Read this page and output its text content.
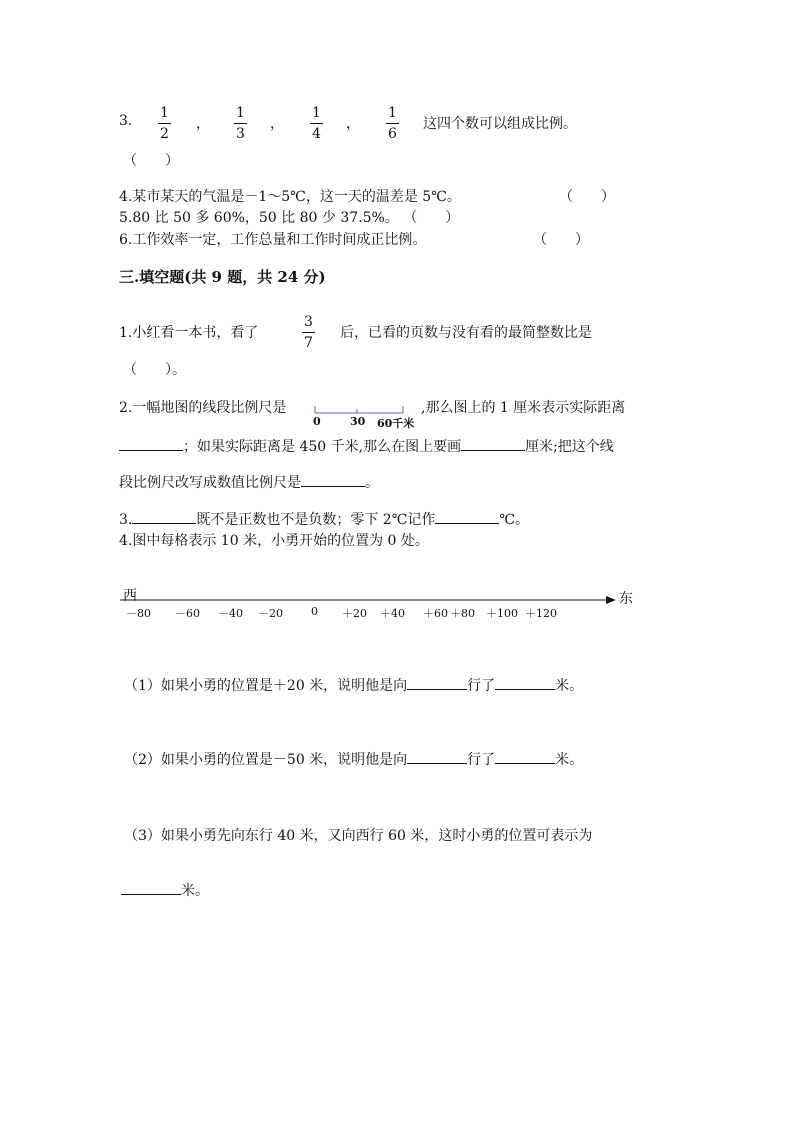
3. 1
2
，
1
3
，
1
4
，
1
6
这四个数可以组成比例。
（　　）
4.某市某天的气温是－1～5℃，这一天的温差是 5℃。	（　　）
5.80 比 50 多 60%，50 比 80 少 37.5%。 （　　）
6.工作效率一定，工作总量和工作时间成正比例。	（　　）
三.填空题(共 9 题，共 24 分)
1.小红看一本书，看了
3
7
后，已看的页数与没有看的最简整数比是
（　　）。
2.一幅地图的线段比例尺是
0	30 60千米
,那么图上的 1 厘米表示实际距离
；如果实际距离是 450 千米,那么在图上要画	厘米;把这个线
段比例尺改写成数值比例尺是	。
3.	既不是正数也不是负数；零下 2℃记作	℃。
4.图中每格表示 10 米，小勇开始的位置为 0 处。
西	东
－80 －60 －40 －20	0 ＋20 ＋40 ＋60 ＋80 ＋100 ＋120
（1）如果小勇的位置是＋20 米，说明他是向	行了	米。
（2）如果小勇的位置是－50 米，说明他是向	行了	米。
（3）如果小勇先向东行 40 米，又向西行 60 米，这时小勇的位置可表示为
米。
